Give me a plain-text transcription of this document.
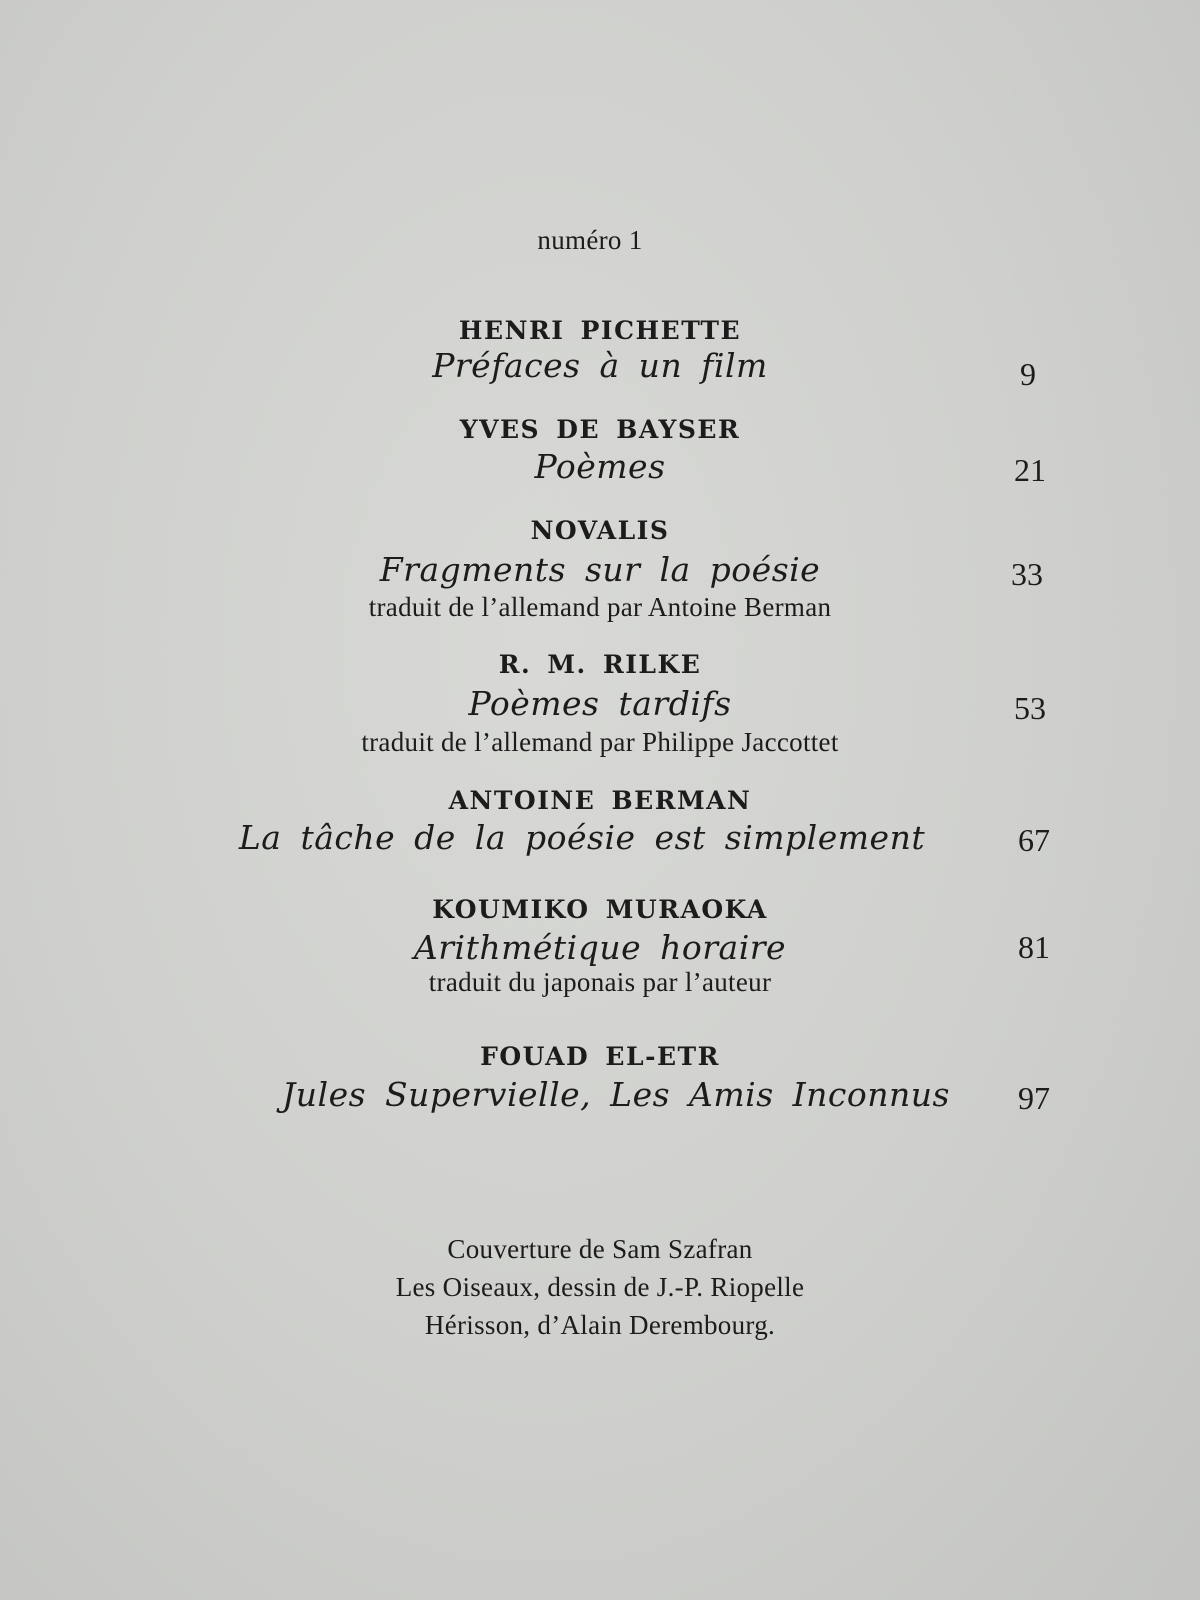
numéro 1
HENRI PICHETTE
Préfaces à un film	9
YVES DE BAYSER
Poèmes	21
NOVALIS
Fragments sur la poésie	33
traduit de l’allemand par Antoine Berman
R. M. RILKE
Poèmes tardifs	53
traduit de l’allemand par Philippe Jaccottet
ANTOINE BERMAN
La tâche de la poésie est simplement	67
KOUMIKO MURAOKA
Arithmétique horaire	81
traduit du japonais par l’auteur
FOUAD EL-ETR
Jules Supervielle, Les Amis Inconnus	97
Couverture de Sam Szafran
Les Oiseaux, dessin de J.-P. Riopelle
Hérisson, d’Alain Derembourg.
